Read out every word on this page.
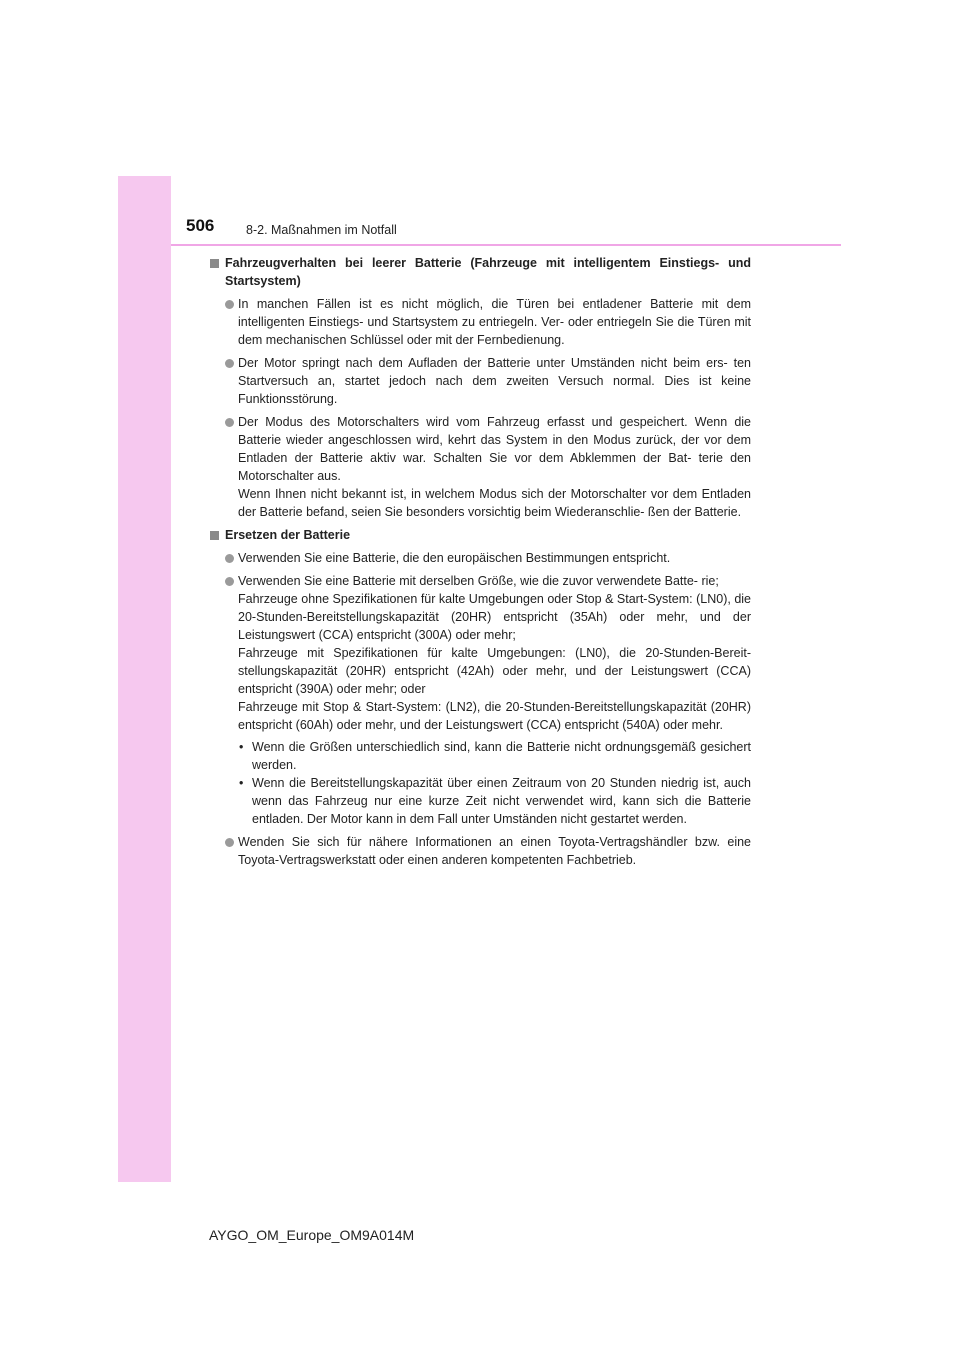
506	8-2. Maßnahmen im Notfall
Fahrzeugverhalten bei leerer Batterie (Fahrzeuge mit intelligentem Einstiegs- und Startsystem)

In manchen Fällen ist es nicht möglich, die Türen bei entladener Batterie mit dem intelligenten Einstiegs- und Startsystem zu entriegeln. Ver- oder entriegeln Sie die Türen mit dem mechanischen Schlüssel oder mit der Fernbedienung.

Der Motor springt nach dem Aufladen der Batterie unter Umständen nicht beim ers- ten Startversuch an, startet jedoch nach dem zweiten Versuch normal. Dies ist keine Funktionsstörung.

Der Modus des Motorschalters wird vom Fahrzeug erfasst und gespeichert. Wenn die Batterie wieder angeschlossen wird, kehrt das System in den Modus zurück, der vor dem Entladen der Batterie aktiv war. Schalten Sie vor dem Abklemmen der Bat- terie den Motorschalter aus.

Wenn Ihnen nicht bekannt ist, in welchem Modus sich der Motorschalter vor dem Entladen der Batterie befand, seien Sie besonders vorsichtig beim Wiederanschlie- ßen der Batterie.

Ersetzen der Batterie

Verwenden Sie eine Batterie, die den europäischen Bestimmungen entspricht.

Verwenden Sie eine Batterie mit derselben Größe, wie die zuvor verwendete Batte- rie;

Fahrzeuge ohne Spezifikationen für kalte Umgebungen oder Stop & Start-System: (LN0), die 20-Stunden-Bereitstellungskapazität (20HR) entspricht (35Ah) oder mehr, und der Leistungswert (CCA) entspricht (300A) oder mehr;

Fahrzeuge mit Spezifikationen für kalte Umgebungen: (LN0), die 20-Stunden-Bereit- stellungskapazität (20HR) entspricht (42Ah) oder mehr, und der Leistungswert (CCA) entspricht (390A) oder mehr; oder

Fahrzeuge mit Stop & Start-System: (LN2), die 20-Stunden-Bereitstellungskapazität (20HR) entspricht (60Ah) oder mehr, und der Leistungswert (CCA) entspricht (540A) oder mehr.

• Wenn die Größen unterschiedlich sind, kann die Batterie nicht ordnungsgemäß gesichert werden.
• Wenn die Bereitstellungskapazität über einen Zeitraum von 20 Stunden niedrig ist, auch wenn das Fahrzeug nur eine kurze Zeit nicht verwendet wird, kann sich die Batterie entladen. Der Motor kann in dem Fall unter Umständen nicht gestartet werden.

Wenden Sie sich für nähere Informationen an einen Toyota-Vertragshändler bzw. eine Toyota-Vertragswerkstatt oder einen anderen kompetenten Fachbetrieb.

AYGO_OM_Europe_OM9A014M
